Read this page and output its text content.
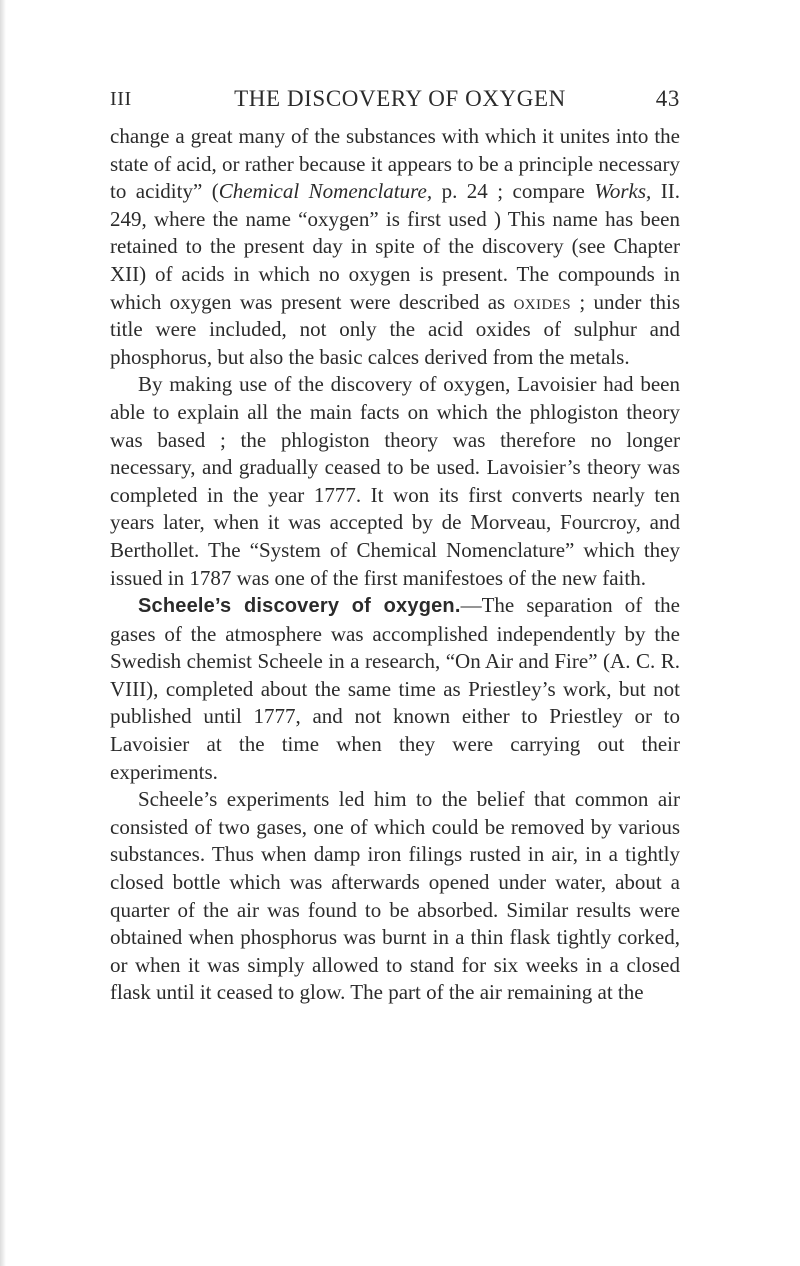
III	THE DISCOVERY OF OXYGEN	43

change a great many of the substances with which it unites into the state of acid, or rather because it appears to be a principle necessary to acidity” (Chemical Nomenclature, p. 24 ; compare Works, II. 249, where the name “oxygen” is first used ) This name has been retained to the present day in spite of the discovery (see Chapter XII) of acids in which no oxygen is present. The compounds in which oxygen was present were described as oxides ; under this title were included, not only the acid oxides of sulphur and phosphorus, but also the basic calces derived from the metals.

By making use of the discovery of oxygen, Lavoisier had been able to explain all the main facts on which the phlogiston theory was based ; the phlogiston theory was therefore no longer necessary, and gradually ceased to be used. Lavoisier’s theory was completed in the year 1777. It won its first converts nearly ten years later, when it was accepted by de Morveau, Fourcroy, and Berthollet. The “System of Chemical Nomenclature” which they issued in 1787 was one of the first manifestoes of the new faith.

Scheele’s discovery of oxygen.—The separation of the gases of the atmosphere was accomplished independently by the Swedish chemist Scheele in a research, “On Air and Fire” (A. C. R. VIII), completed about the same time as Priestley’s work, but not published until 1777, and not known either to Priestley or to Lavoisier at the time when they were carrying out their experiments.

Scheele’s experiments led him to the belief that common air consisted of two gases, one of which could be removed by various substances. Thus when damp iron filings rusted in air, in a tightly closed bottle which was afterwards opened under water, about a quarter of the air was found to be absorbed. Similar results were obtained when phosphorus was burnt in a thin flask tightly corked, or when it was simply allowed to stand for six weeks in a closed flask until it ceased to glow. The part of the air remaining at the
